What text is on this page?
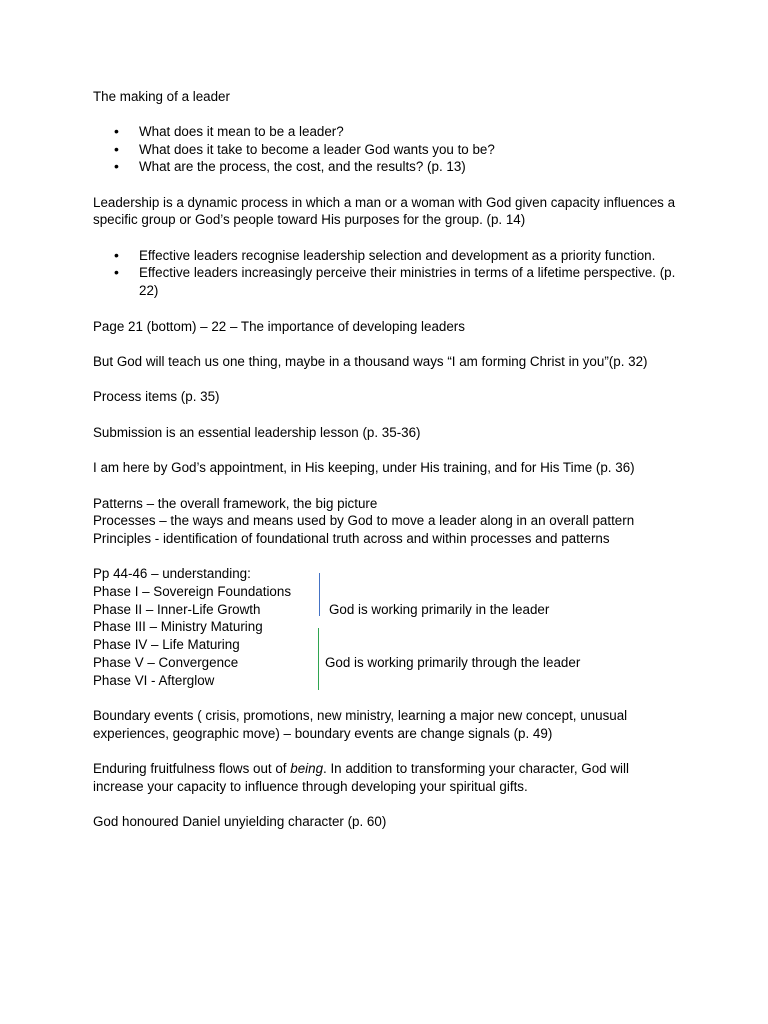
The making of a leader

• What does it mean to be a leader?
• What does it take to become a leader God wants you to be?
• What are the process, the cost, and the results? (p. 13)

Leadership is a dynamic process in which a man or a woman with God given capacity influences a specific group or God’s people toward His purposes for the group. (p. 14)

• Effective leaders recognise leadership selection and development as a priority function.
• Effective leaders increasingly perceive their ministries in terms of a lifetime perspective. (p. 22)

Page 21 (bottom) – 22 – The importance of developing leaders

But God will teach us one thing, maybe in a thousand ways “I am forming Christ in you”(p. 32)

Process items (p. 35)

Submission is an essential leadership lesson (p. 35-36)

I am here by God’s appointment, in His keeping, under His training, and for His Time (p. 36)

Patterns – the overall framework, the big picture

Processes – the ways and means used by God to move a leader along in an overall pattern

Principles - identification of foundational truth across and within processes and patterns

Pp 44-46 – understanding:

Phase I – Sovereign Foundations

Phase II – Inner-Life Growth

Phase III – Ministry Maturing

Phase IV – Life Maturing

Phase V – Convergence

Phase VI - Afterglow

God is working primarily in the leader
God is working primarily through the leader

Boundary events ( crisis, promotions, new ministry, learning a major new concept, unusual experiences, geographic move) – boundary events are change signals (p. 49)

Enduring fruitfulness flows out of being. In addition to transforming your character, God will increase your capacity to influence through developing your spiritual gifts.

God honoured Daniel unyielding character (p. 60)
